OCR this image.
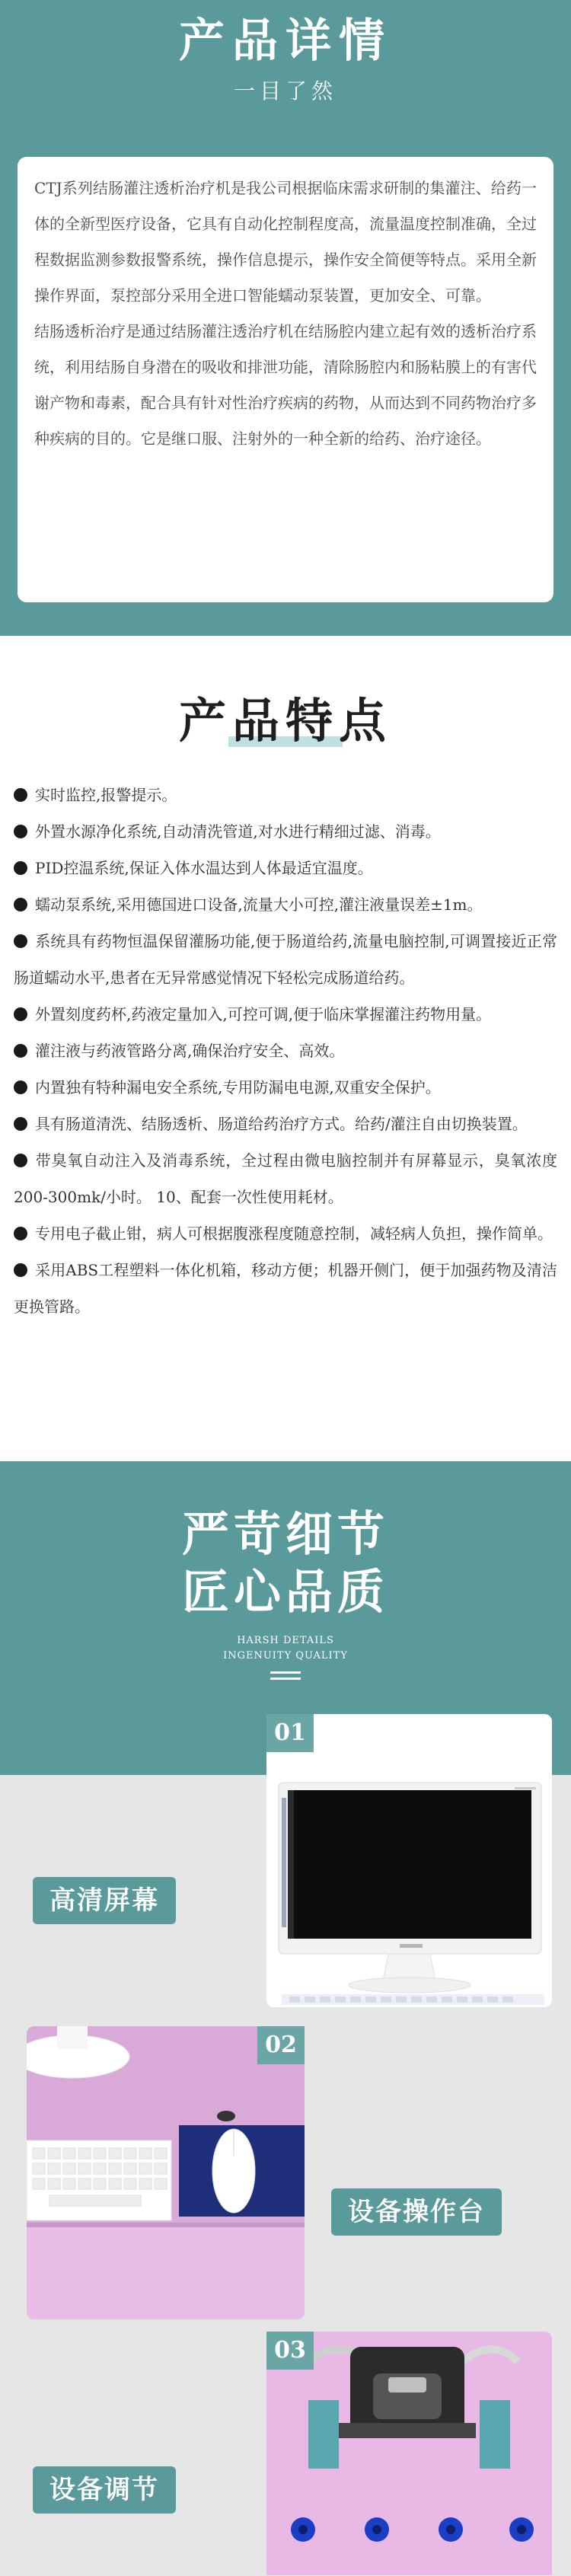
产品详情
一目了然

CTJ系列结肠灌注透析治疗机是我公司根据临床需求研制的集灌注、给药一体的全新型医疗设备，它具有自动化控制程度高，流量温度控制准确，全过程数据监测参数报警系统，操作信息提示，操作安全简便等特点。采用全新操作界面，泵控部分采用全进口智能蠕动泵装置，更加安全、可靠。

结肠透析治疗是通过结肠灌注透治疗机在结肠腔内建立起有效的透析治疗系统，利用结肠自身潜在的吸收和排泄功能，清除肠腔内和肠粘膜上的有害代谢产物和毒素，配合具有针对性治疗疾病的药物，从而达到不同药物治疗多种疾病的目的。它是继口服、注射外的一种全新的给药、治疗途径。

产品特点
实时监控,报警提示。
外置水源净化系统,自动清洗管道,对水进行精细过滤、消毒。
PID控温系统,保证入体水温达到人体最适宜温度。
蠕动泵系统,采用德国进口设备,流量大小可控,灌注液量误差±1m。
系统具有药物恒温保留灌肠功能,便于肠道给药,流量电脑控制,可调置接近正常肠道蠕动水平,患者在无异常感觉情况下轻松完成肠道给药。
外置刻度药杯,药液定量加入,可控可调,便于临床掌握灌注药物用量。
灌注液与药液管路分离,确保治疗安全、高效。
内置独有特种漏电安全系统,专用防漏电电源,双重安全保护。
具有肠道清洗、结肠透析、肠道给药治疗方式。给药/灌注自由切换装置。
带臭氧自动注入及消毒系统，全过程由微电脑控制并有屏幕显示，臭氧浓度200-300mk/小时。 10、配套一次性使用耗材。
专用电子截止钳，病人可根据腹涨程度随意控制，减轻病人负担，操作简单。
采用ABS工程塑料一体化机箱，移动方便；机器开侧门，便于加强药物及清洁更换管路。
严苛细节
匠心品质
HARSH DETAILS
INGENUITY QUALITY
01
高清屏幕
02
设备操作台
03
设备调节
